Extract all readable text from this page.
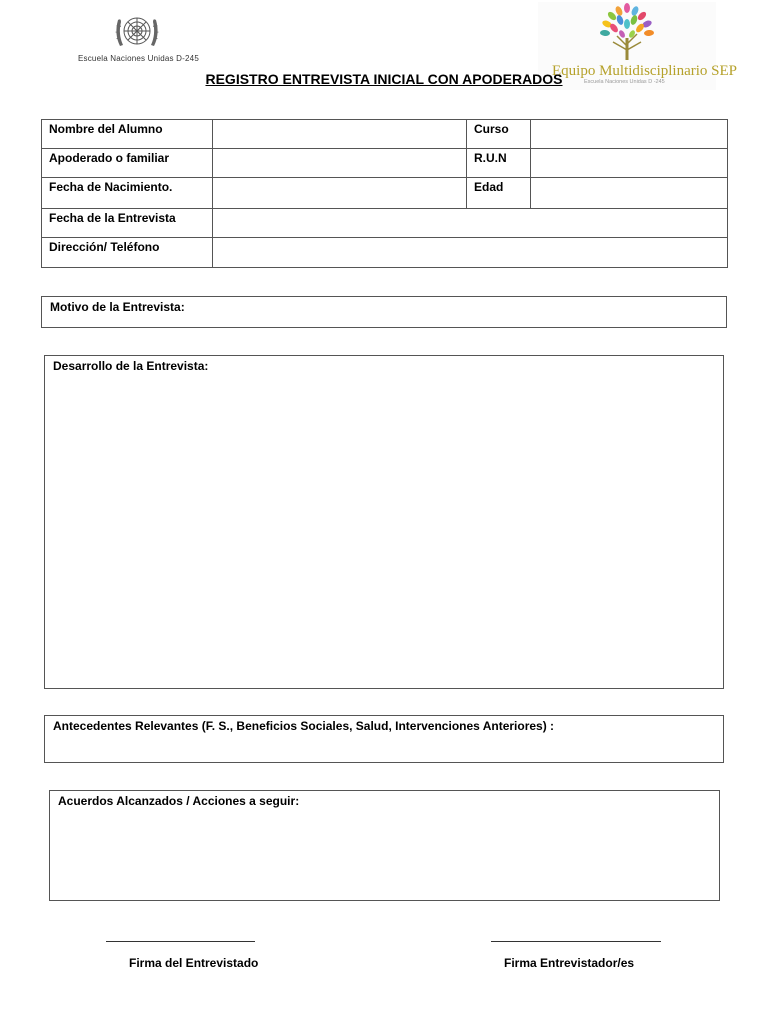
Escuela Naciones Unidas D-245
Equipo Multidisciplinario SEP
Escuela Naciones Unidas D -245
REGISTRO ENTREVISTA INICIAL CON APODERADOS
Nombre del Alumno		Curso	
Apoderado o familiar		R.U.N	
Fecha de Nacimiento.		Edad	
Fecha de la Entrevista			
Dirección/ Teléfono			
Motivo de la Entrevista:
Desarrollo de la Entrevista:
Antecedentes Relevantes (F. S., Beneficios Sociales, Salud, Intervenciones Anteriores) :
Acuerdos Alcanzados / Acciones a seguir:
Firma del Entrevistado	Firma Entrevistador/es
